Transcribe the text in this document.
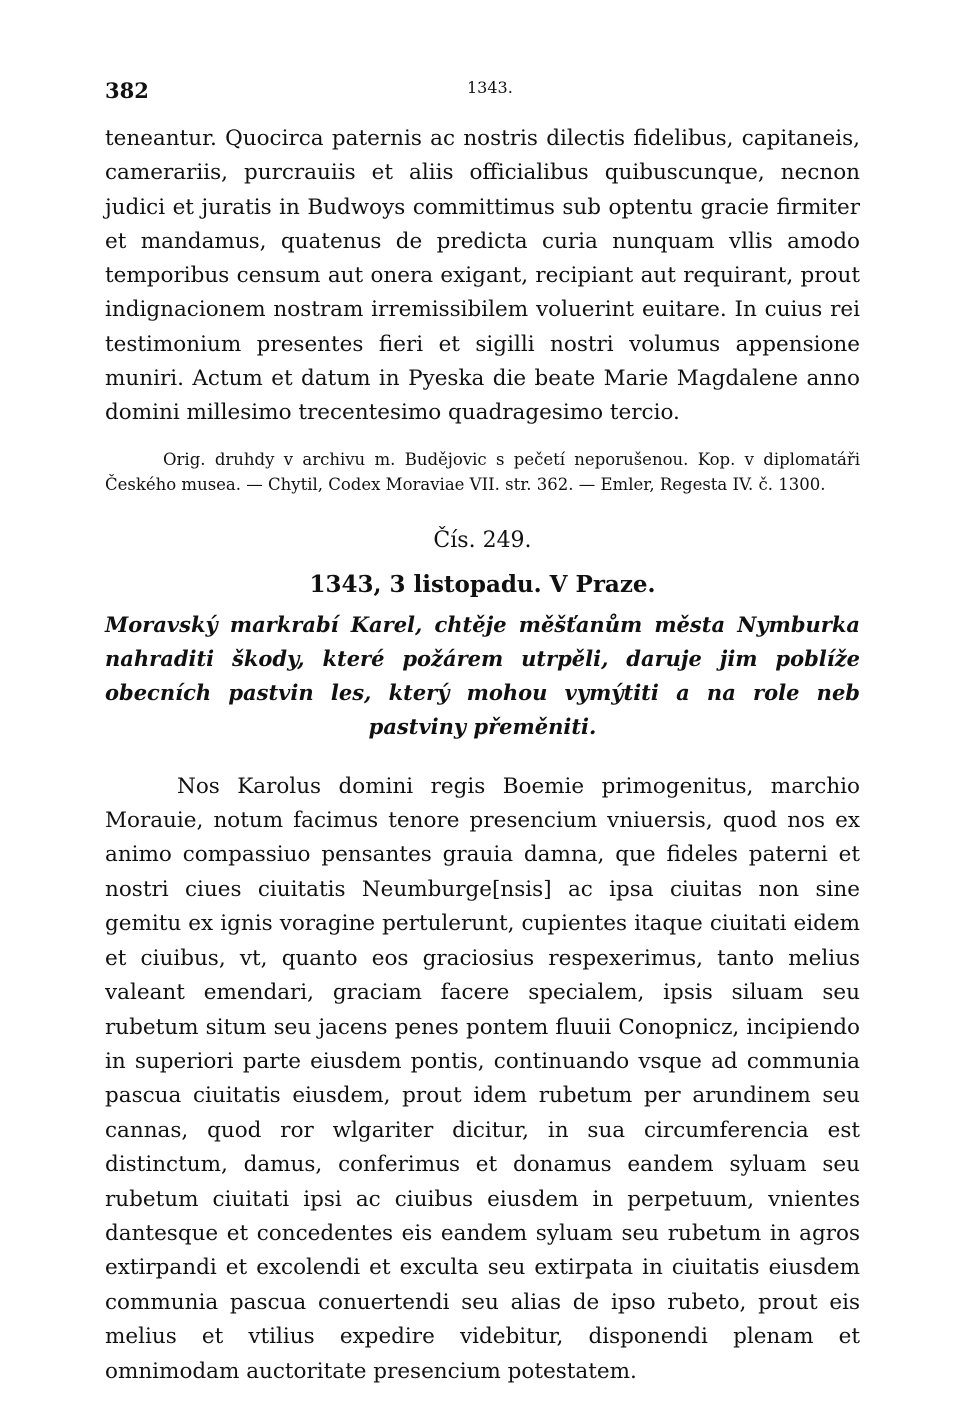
382	1343.

teneantur. Quocirca paternis ac nostris dilectis fidelibus, capitaneis, camerariis, purcrauiis et aliis officialibus quibuscunque, necnon judici et juratis in Budwoys committimus sub optentu gracie firmiter et mandamus, quatenus de predicta curia nunquam vllis amodo temporibus censum aut onera exigant, recipiant aut requirant, prout indignacionem nostram irremissibilem voluerint euitare. In cuius rei testimonium presentes fieri et sigilli nostri volumus appensione muniri. Actum et datum in Pyeska die beate Marie Magdalene anno domini millesimo trecentesimo quadragesimo tercio.

Orig. druhdy v archivu m. Budějovic s pečetí neporušenou. Kop. v diplomatáři Českého musea. — Chytil, Codex Moraviae VII. str. 362. — Emler, Regesta IV. č. 1300.

Čís. 249.
1343, 3 listopadu. V Praze.

Moravský markrabí Karel, chtěje měšťanům města Nymburka nahraditi škody, které požárem utrpěli, daruje jim poblíže obecních pastvin les, který mohou vymýtiti a na role neb pastviny přeměniti.

Nos Karolus domini regis Boemie primogenitus, marchio Morauie, notum facimus tenore presencium vniuersis, quod nos ex animo compassiuo pensantes grauia damna, que fideles paterni et nostri ciues ciuitatis Neumburge[nsis] ac ipsa ciuitas non sine gemitu ex ignis voragine pertulerunt, cupientes itaque ciuitati eidem et ciuibus, vt, quanto eos graciosius respexerimus, tanto melius valeant emendari, graciam facere specialem, ipsis siluam seu rubetum situm seu jacens penes pontem fluuii Conopnicz, incipiendo in superiori parte eiusdem pontis, continuando vsque ad communia pascua ciuitatis eiusdem, prout idem rubetum per arundinem seu cannas, quod ror wlgariter dicitur, in sua circumferencia est distinctum, damus, conferimus et donamus eandem syluam seu rubetum ciuitati ipsi ac ciuibus eiusdem in perpetuum, vnientes dantesque et concedentes eis eandem syluam seu rubetum in agros extirpandi et excolendi et exculta seu extirpata in ciuitatis eiusdem communia pascua conuertendi seu alias de ipso rubeto, prout eis melius et vtilius expedire videbitur, disponendi plenam et omnimodam auctoritate presencium potestatem.
